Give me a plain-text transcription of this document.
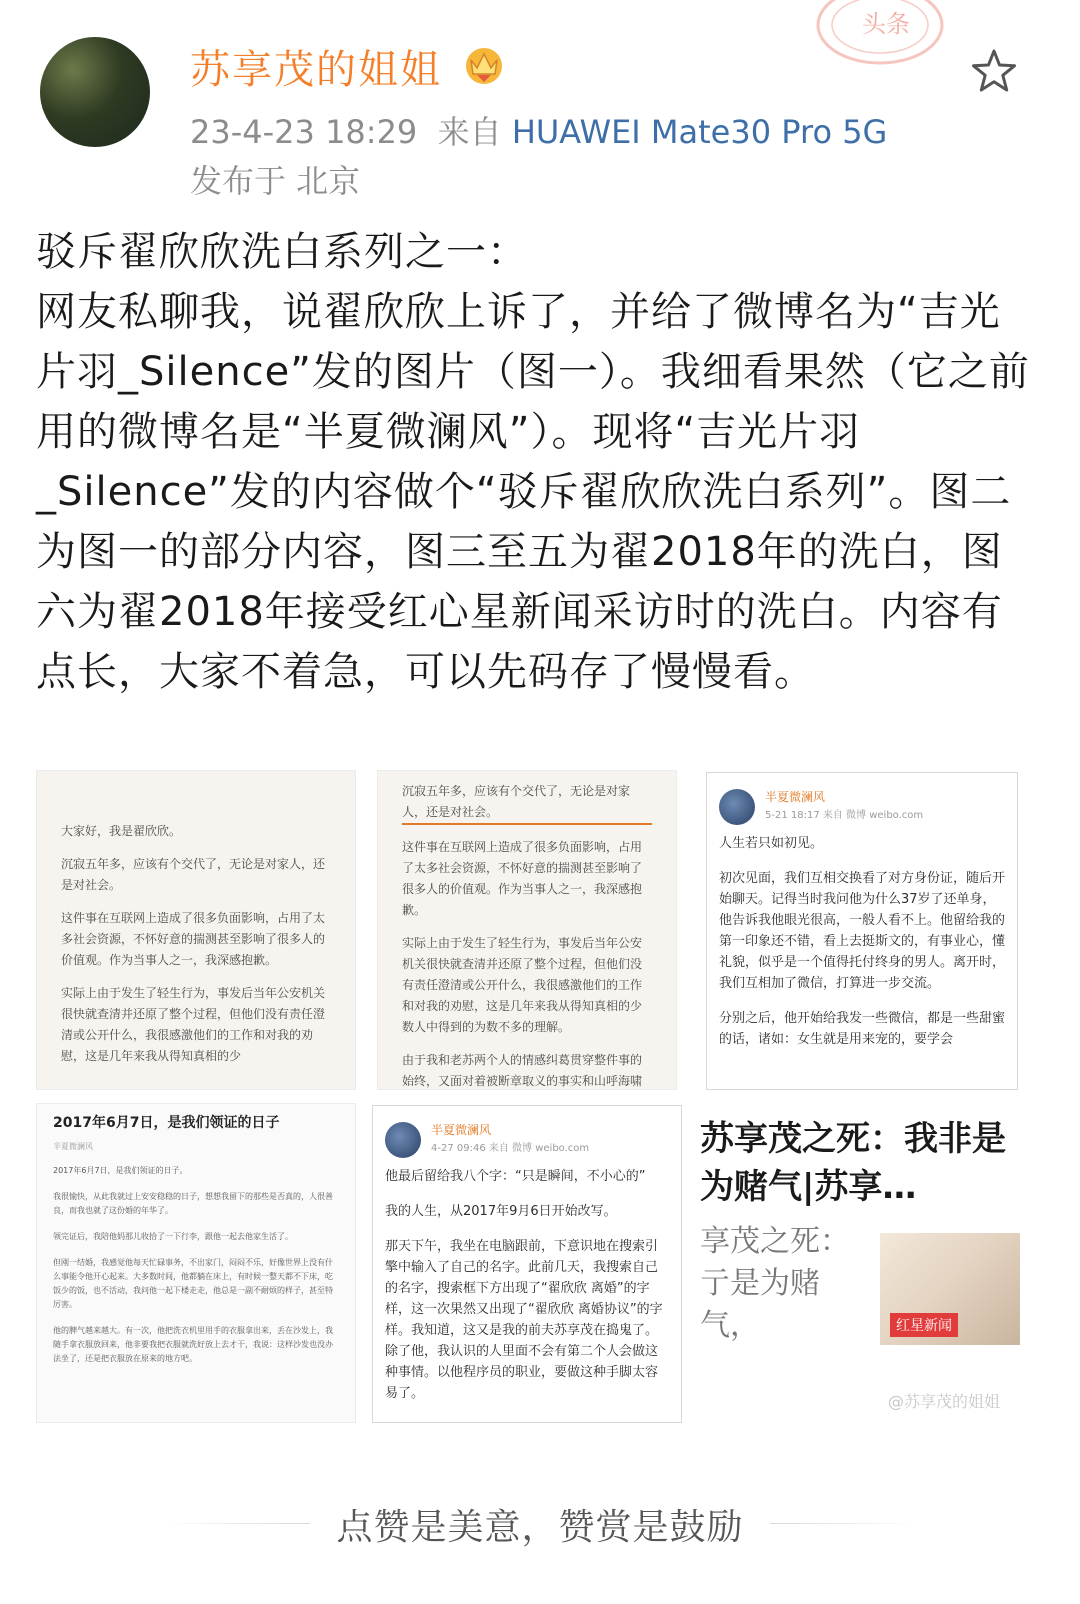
苏享茂的姐姐
23-4-23 18:29 来自 HUAWEI Mate30 Pro 5G
发布于 北京
头条
驳斥翟欣欣洗白系列之一：
网友私聊我，说翟欣欣上诉了，并给了微博名为“吉光片羽_Silence”发的图片（图一）。我细看果然（它之前用的微博名是“半夏微澜风”）。现将“吉光片羽_Silence”发的内容做个“驳斥翟欣欣洗白系列”。图二为图一的部分内容，图三至五为翟2018年的洗白，图六为翟2018年接受红心星新闻采访时的洗白。内容有点长，大家不着急，可以先码存了慢慢看。

大家好，我是翟欣欣。

沉寂五年多，应该有个交代了，无论是对家人，还是对社会。

这件事在互联网上造成了很多负面影响，占用了太多社会资源，不怀好意的揣测甚至影响了很多人的价值观。作为当事人之一，我深感抱歉。

实际上由于发生了轻生行为，事发后当年公安机关很快就查清并还原了整个过程，但他们没有责任澄清或公开什么，我很感激他们的工作和对我的劝慰，这是几年来我从得知真相的少

沉寂五年多，应该有个交代了，无论是对家人，还是对社会。

这件事在互联网上造成了很多负面影响，占用了太多社会资源，不怀好意的揣测甚至影响了很多人的价值观。作为当事人之一，我深感抱歉。

实际上由于发生了轻生行为，事发后当年公安机关很快就查清并还原了整个过程，但他们没有责任澄清或公开什么，我很感激他们的工作和对我的劝慰，这是几年来我从得知真相的少数人中得到的为数不多的理解。

由于我和老苏两个人的情感纠葛贯穿整件事的始终，又面对着被断章取义的事实和山呼海啸

半夏微澜风
5-21 18:17 来自 微博 weibo.com

人生若只如初见。

初次见面，我们互相交换看了对方身份证，随后开始聊天。记得当时我问他为什么37岁了还单身，他告诉我他眼光很高，一般人看不上。他留给我的第一印象还不错，看上去挺斯文的，有事业心，懂礼貌，似乎是一个值得托付终身的男人。离开时，我们互相加了微信，打算进一步交流。

分别之后，他开始给我发一些微信，都是一些甜蜜的话，诸如：女生就是用来宠的，要学会

2017年6月7日，是我们领证的日子
半夏微澜风

2017年6月7日，是我们领证的日子。

我很愉快，从此我就过上安安稳稳的日子，想想我留下的那些是否真的，人很善良，而我也就了这份婚的年华了。

领完证后，我陪他妈那儿收拾了一下行李，跟他一起去他家生活了。

但刚一结婚，我感觉他每天忙碌事务，不出家门，闷闷不乐，好像世界上没有什么事能令他开心起来。大多数时间，他都躺在床上，有时候一整天都不下床，吃饭少的饭，也不活动，我问他一起下楼走走，他总是一副不耐烦的样子，甚至特厉害。

他的脾气越来越大。有一次，他把洗衣机里用手的衣服拿出来，丢在沙发上，我随手拿衣服放回来，他非要我把衣服就洗好放上去才干，我说：这样沙发也没办法坐了，还是把衣服放在原来的地方吧。

半夏微澜风
4-27 09:46 来自 微博 weibo.com

他最后留给我八个字：“只是瞬间，不小心的”

我的人生，从2017年9月6日开始改写。

那天下午，我坐在电脑跟前，下意识地在搜索引擎中输入了自己的名字。此前几天，我搜索自己的名字，搜索框下方出现了“翟欣欣 离婚”的字样，这一次果然又出现了“翟欣欣 离婚协议”的字样。我知道，这又是我的前夫苏享茂在捣鬼了。除了他，我认识的人里面不会有第二个人会做这种事情。以他程序员的职业，要做这种手脚太容易了。

苏享茂之死：我非是为赌气|苏享…
享茂之死：
亍是为赌气，	红星新闻
@苏享茂的姐姐
点赞是美意，赞赏是鼓励
